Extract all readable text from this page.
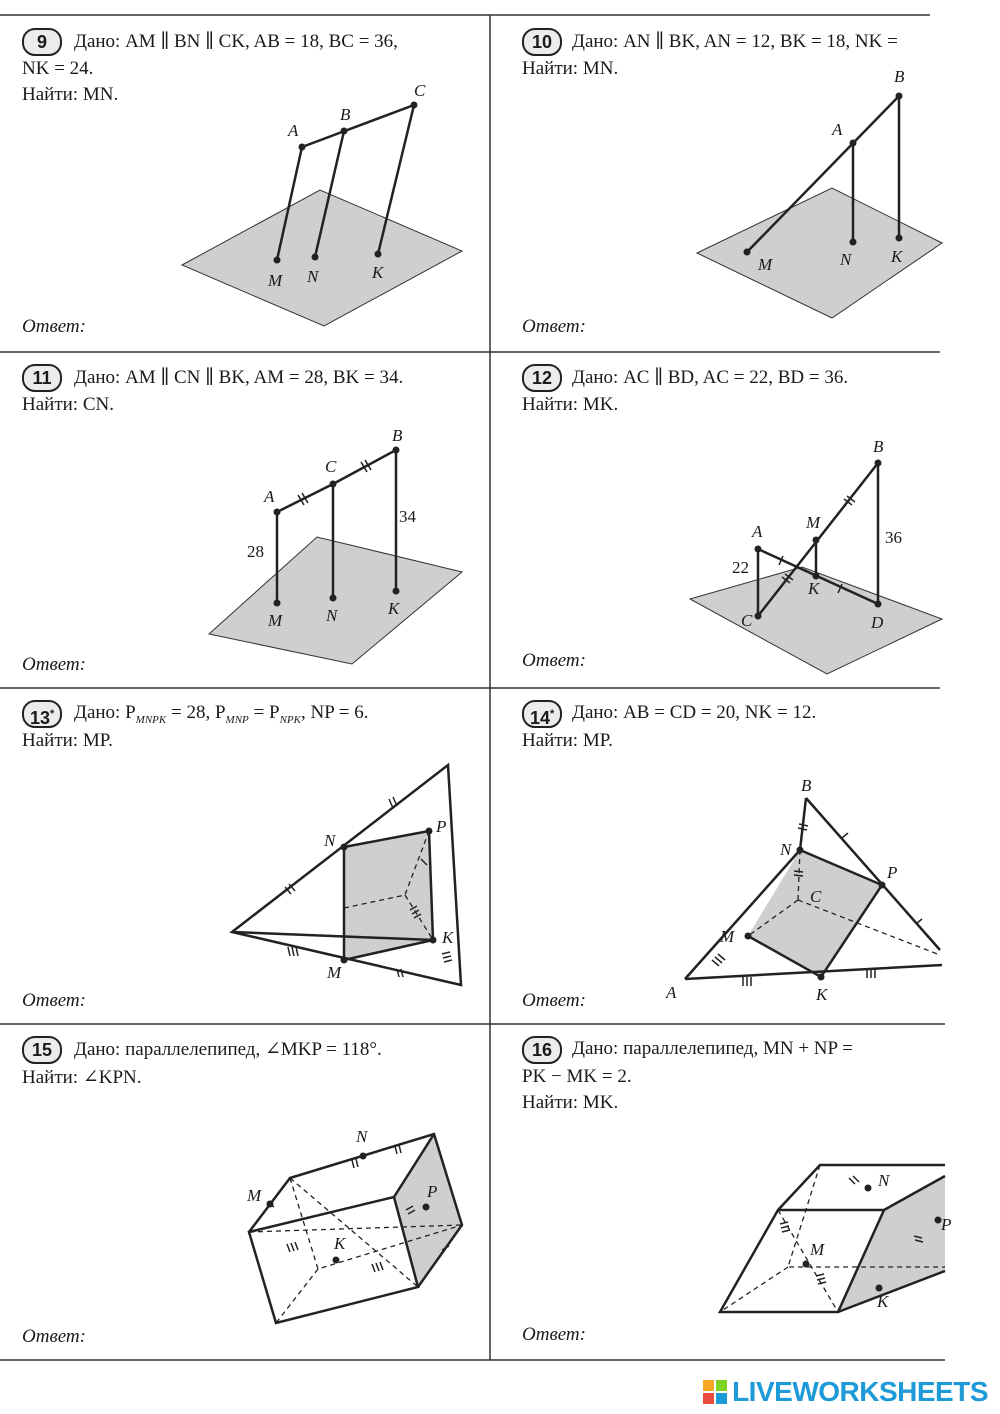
9	Дано: AM ∥ BN ∥ CK, AB = 18, BC = 36,
NK = 24.
Найти: MN.
Ответ:
A
B
C
M N	K
10	Дано: AN ∥ BK, AN = 12, BK = 18, NK =
Найти: MN.
Ответ:
B
A
M	N K
11	Дано: AM ∥ CN ∥ BK, AM = 28, BK = 34.
Найти: CN.
Ответ:
B
C
A
28
34
M	N	K
12	Дано: AC ∥ BD, AC = 22, BD = 36.
Найти: MK.
Ответ:
B
A	M
36
22
K
C	D
13*	Дано: $P_{MNPK} = 28$, $P_{MNP} = P_{NPK}$, NP = 6.
Найти: MP.
Ответ:
N
P
K
M
14* Дано: AB = CD = 20, NK = 12.
Найти: MP.
Ответ:
B
N
P
C
M
A	K
15	Дано: параллелепипед, ∠MKP = 118°.
Найти: ∠KPN.
Ответ:
N
M	P
K
16	Дано: параллелепипед, MN + NP =
PK − MK = 2.
Найти: MK.
Ответ:
N
M
K
P
LIVEWORKSHEETS
